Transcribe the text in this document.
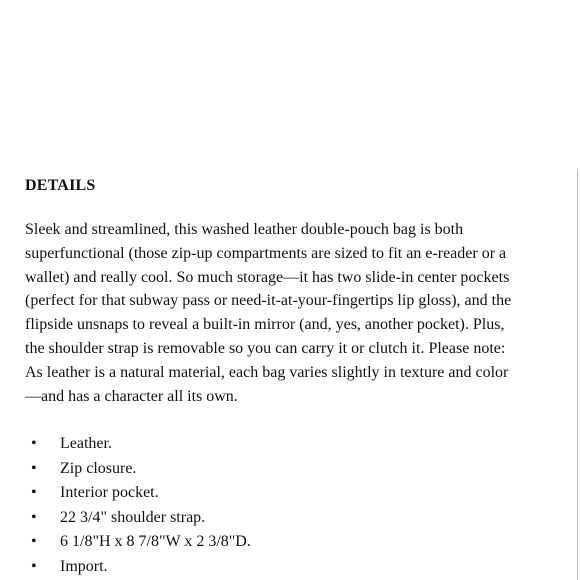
DETAILS

Sleek and streamlined, this washed leather double-pouch bag is both
superfunctional (those zip-up compartments are sized to fit an e-reader or a
wallet) and really cool. So much storage—it has two slide-in center pockets
(perfect for that subway pass or need-it-at-your-fingertips lip gloss), and the
flipside unsnaps to reveal a built-in mirror (and, yes, another pocket). Plus,
the shoulder strap is removable so you can carry it or clutch it. Please note:
As leather is a natural material, each bag varies slightly in texture and color
—and has a character all its own.

• Leather.
• Zip closure.
• Interior pocket.
• 22 3/4" shoulder strap.
• 6 1/8"H x 8 7/8"W x 2 3/8"D.
• Import.
